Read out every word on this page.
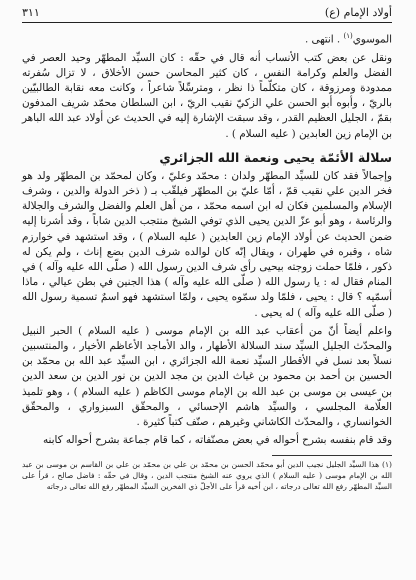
أولاد الإمام (ع)
٣١١
الموسوي$^{(١)}$ . انتهى .

ونقل عن بعض كتب الأنساب أنه قال في حقّه : كان السيِّد المطهّر وحيد العصر في الفضل والعلم وكرامة النفس ، كان كثير المحاسن حسن الأخلاق ، لا تزال سُفرته ممدودة ومرزوقة ، كان متكلّماً ذا نظر ، ومترسِّلاً شاعراً ، وكانت معه نقابة الطالبيّين بالريّ ، وأبوه أبو الحسن علي الزكيّ نقيب الريّ ، ابن السلطان محمّد شريف المدفون بقمّ ، الجليل العظيم القدر ، وقد سبقت الإشارة إليه في الحديث عن أولاد عبد الله الباهر بن الإمام زين العابدين ( عليه السلام ) .

سلالة الأئمّة يحيى ونعمة الله الجزائري

وإجمالاً فقد كان للسيِّد المطهّر ولدان : محمّد وعليّ ، وكان لمحمّد بن المطهّر ولد هو فخر الدين علي نقيب قمّ ، أمّا عليّ بن المطهّر فيلقّب بـ ( ذخر الدولة والدين ، وشرف الإسلام والمسلمين فكان له ابن اسمه محمّد ، من أهل العلم والفضل والشرف والجلالة والرئاسة ، وهو أبو عزّ الدين يحيى الذي توفي الشيخ منتجب الدين شاباً ، وقد أشرنا إليه ضمن الحديث عن أولاد الإمام زين العابدين ( عليه السلام ) ، وقد استشهد في خوارزم شاه ، وقبره في طهران ، ويقال إنّه كان لوالده شرف الدين بضع إناث ، ولم يكن له ذكور ، فلمّا حملت زوجته بيحيى رأى شرف الدين رسول الله ( صلّى الله عليه وآله ) في المنام فقال له : يا رسول الله ( صلّى الله عليه وآله ) هذا الجنين في بطن عيالي ، ماذا أسمّيه ؟ قال : يحيى ، فلمّا ولد سمّوه يحيى ، ولمّا استشهد فهو اسمٌ تسمية رسول الله ( صلّى الله عليه وآله ) له يحيى .

واعلم أيضاً أنّ من أعقاب عبد الله بن الإمام موسى ( عليه السلام ) الحبر النبيل والمحدّث الجليل السيِّد سند السلالة الأطهار ، والد الأماجد الأعاظم الأخيار ، والمنتسبين نسلاً بعد نسل في الأقطار السيِّد نعمة الله الجزائري ، ابن السيِّد عبد الله بن محمّد بن الحسين بن أحمد بن محمود بن غياث الدين بن مجد الدين بن نور الدين بن سعد الدين بن عيسى بن موسى بن عبد الله بن الإمام موسى الكاظم ( عليه السلام ) ، وهو تلميذ العلّامة المجلسي ، والسيِّد هاشم الإحسائي ، والمحقّق السبزواري ، والمحقّق الخوانساري ، والمحدّث الكاشاني وغيرهم ، صنّف كتباً كثيرة .

وقد قام بنفسه بشرح أحواله في بعض مصنّفاته ، كما قام جماعة بشرح أحواله كابنه

(١) هذا السيِّد الجليل نجيب الدين أبو محمّد الحسن بن محمّد بن علي بن محمّد بن علي بن القاسم بن موسى بن عبد الله بن الإمام موسى ( عليه السلام ) الذي يروي عنه الشيخ منتجب الدين ، وقال في حقّه : فاضل صالح ، قرأ على السيِّد المطهّر رفع الله تعالى درجاته ، ابن أخيه قرأ على الأجلّ ذي الفخرين السيِّد المطهّر رفع الله تعالى درجاته
